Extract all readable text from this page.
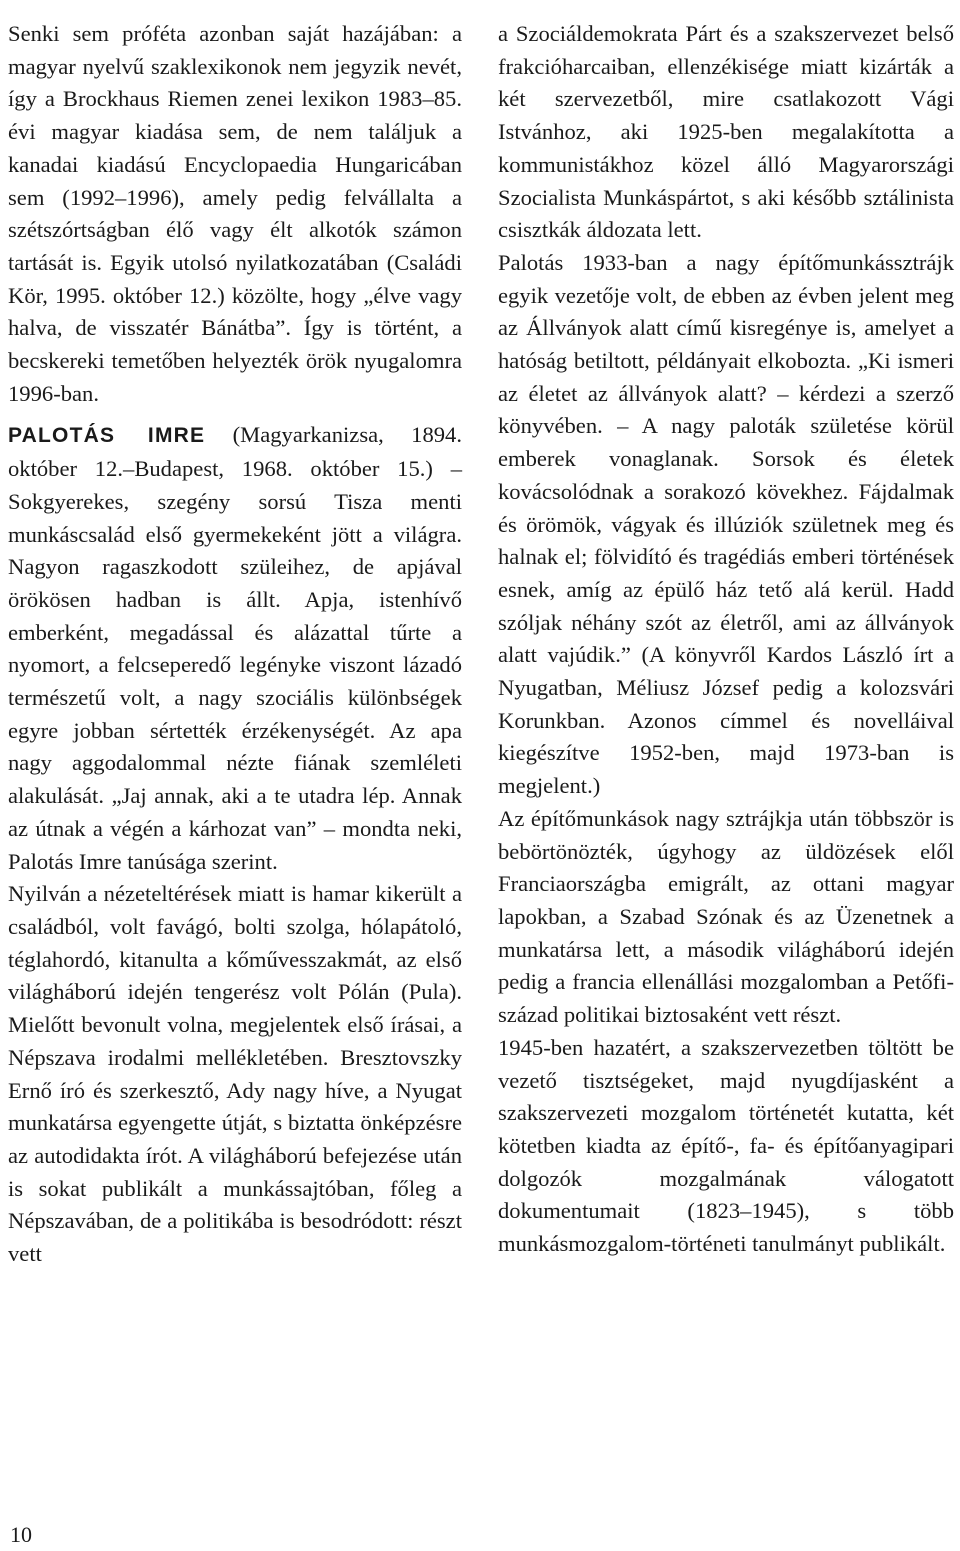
Senki sem próféta azonban saját hazájában: a magyar nyelvű szaklexikonok nem jegyzik nevét, így a Brockhaus Riemen zenei lexikon 1983–85. évi magyar kiadása sem, de nem találjuk a kanadai kiadású Encyclopaedia Hungaricában sem (1992–1996), amely pedig felvállalta a szétszórtságban élő vagy élt alkotók számon tartását is. Egyik utolsó nyilatkozatában (Családi Kör, 1995. október 12.) közölte, hogy „élve vagy halva, de visszatér Bánátba”. Így is történt, a becskereki temetőben helyezték örök nyugalomra 1996-ban.

PALOTÁS IMRE (Magyarkanizsa, 1894. október 12.–Budapest, 1968. október 15.) – Sokgyerekes, szegény sorsú Tisza menti munkáscsalád első gyermekeként jött a világra. Nagyon ragaszkodott szüleihez, de apjával örökösen hadban is állt. Apja, istenhívő emberként, megadással és alázattal tűrte a nyomort, a felcseperedő legényke viszont lázadó természetű volt, a nagy szociális különbségek egyre jobban sértették érzékenységét. Az apa nagy aggodalommal nézte fiának szemléleti alakulását. „Jaj annak, aki a te utadra lép. Annak az útnak a végén a kárhozat van” – mondta neki, Palotás Imre tanúsága szerint.

Nyilván a nézeteltérések miatt is hamar kikerült a családból, volt favágó, bolti szolga, hólapátoló, téglahordó, kitanulta a kőművesszakmát, az első világháború idején tengerész volt Pólán (Pula). Mielőtt bevonult volna, megjelentek első írásai, a Népszava irodalmi mellékletében. Bresztovszky Ernő író és szerkesztő, Ady nagy híve, a Nyugat munkatársa egyengette útját, s biztatta önképzésre az autodidakta írót. A világháború befejezése után is sokat publikált a munkássajtóban, főleg a Népszavában, de a politikába is besodródott: részt vett

a Szociáldemokrata Párt és a szakszervezet belső frakcióharcaiban, ellenzékisége miatt kizárták a két szervezetből, mire csatlakozott Vági Istvánhoz, aki 1925-ben megalakította a kommunistákhoz közel álló Magyarországi Szocialista Munkáspártot, s aki később sztálinista csisztkák áldozata lett.

Palotás 1933-ban a nagy építőmunkássztrájk egyik vezetője volt, de ebben az évben jelent meg az Állványok alatt című kisregénye is, amelyet a hatóság betiltott, példányait elkobozta. „Ki ismeri az életet az állványok alatt? – kérdezi a szerző könyvében. – A nagy paloták születése körül emberek vonaglanak. Sorsok és életek kovácsolódnak a sorakozó kövekhez. Fájdalmak és örömök, vágyak és illúziók születnek meg és halnak el; fölvidító és tragédiás emberi történések esnek, amíg az épülő ház tető alá kerül. Hadd szóljak néhány szót az életről, ami az állványok alatt vajúdik.” (A könyvről Kardos László írt a Nyugatban, Méliusz József pedig a kolozsvári Korunkban. Azonos címmel és novelláival kiegészítve 1952-ben, majd 1973-ban is megjelent.)

Az építőmunkások nagy sztrájkja után többször is bebörtönözték, úgyhogy az üldözések elől Franciaországba emigrált, az ottani magyar lapokban, a Szabad Szónak és az Üzenetnek a munkatársa lett, a második világháború idején pedig a francia ellenállási mozgalomban a Petőfi-század politikai biztosaként vett részt.

1945-ben hazatért, a szakszervezetben töltött be vezető tisztségeket, majd nyugdíjasként a szakszervezeti mozgalom történetét kutatta, két kötetben kiadta az építő-, fa- és építőanyagipari dolgozók mozgalmának válogatott dokumentumait (1823–1945), s több munkásmozgalom-történeti tanulmányt publikált.

10
